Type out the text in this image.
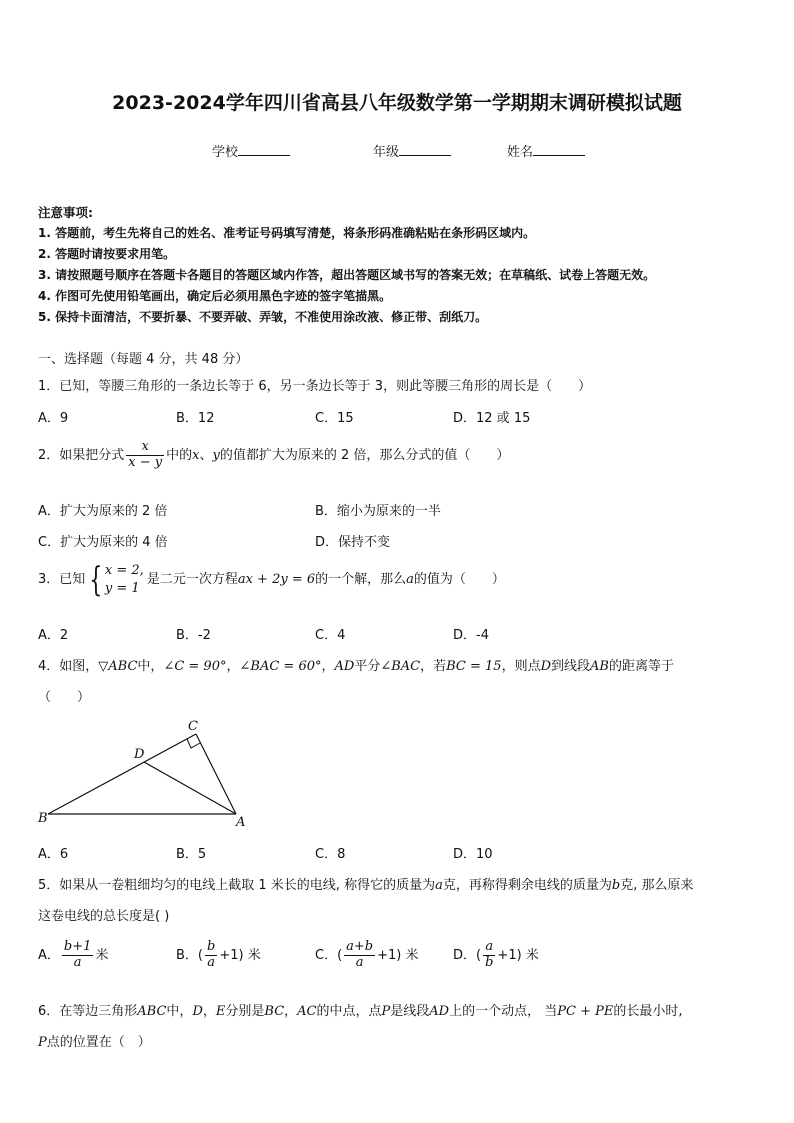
2023-2024学年四川省高县八年级数学第一学期期末调研模拟试题
学校	年级	姓名
注意事项:
1. 答题前，考生先将自己的姓名、准考证号码填写清楚，将条形码准确粘贴在条形码区域内。
2. 答题时请按要求用笔。
3. 请按照题号顺序在答题卡各题目的答题区域内作答，超出答题区域书写的答案无效；在草稿纸、试卷上答题无效。
4. 作图可先使用铅笔画出，确定后必须用黑色字迹的签字笔描黑。
5. 保持卡面清洁，不要折暴、不要弄破、弄皱，不准使用涂改液、修正带、刮纸刀。
一、选择题（每题 4 分，共 48 分）
1．已知，等腰三角形的一条边长等于 6，另一条边长等于 3，则此等腰三角形的周长是（　　）
A．9	B．12	C．15	D．12 或 15
2．如果把分式 $\frac{x}{x - y}$ 中的x、y的值都扩大为原来的 2 倍，那么分式的值（　　）
A．扩大为原来的 2 倍	B．缩小为原来的一半
C．扩大为原来的 4 倍	D．保持不变
3．已知 { x = 2,
y = 1
是二元一次方程ax + 2y = 6的一个解，那么a的值为（　　）
A．2	B．-2	C．4	D．-4
4．如图，▽ABC中，∠C = 90°，∠BAC = 60°，AD平分∠BAC，若BC = 15，则点D到线段AB的距离等于
（　　）
C
D
B	A
A．6	B．5	C．8	D．10
5．如果从一卷粗细均匀的电线上截取 1 米长的电线, 称得它的质量为a克，再称得剩余电线的质量为b克, 那么原来
这卷电线的总长度是( )
A． $\frac{b+1}{a}$ 米	B．( $\frac{b}{a} +1$) 米	C．( $\frac{a+b}{a} +1$) 米	D．( $\frac{a}{b} +1$) 米
6．在等边三角形ABC中，D，E分别是BC，AC的中点，点P是线段AD上的一个动点， 当PC + PE的长最小时,
P点的位置在（　）
